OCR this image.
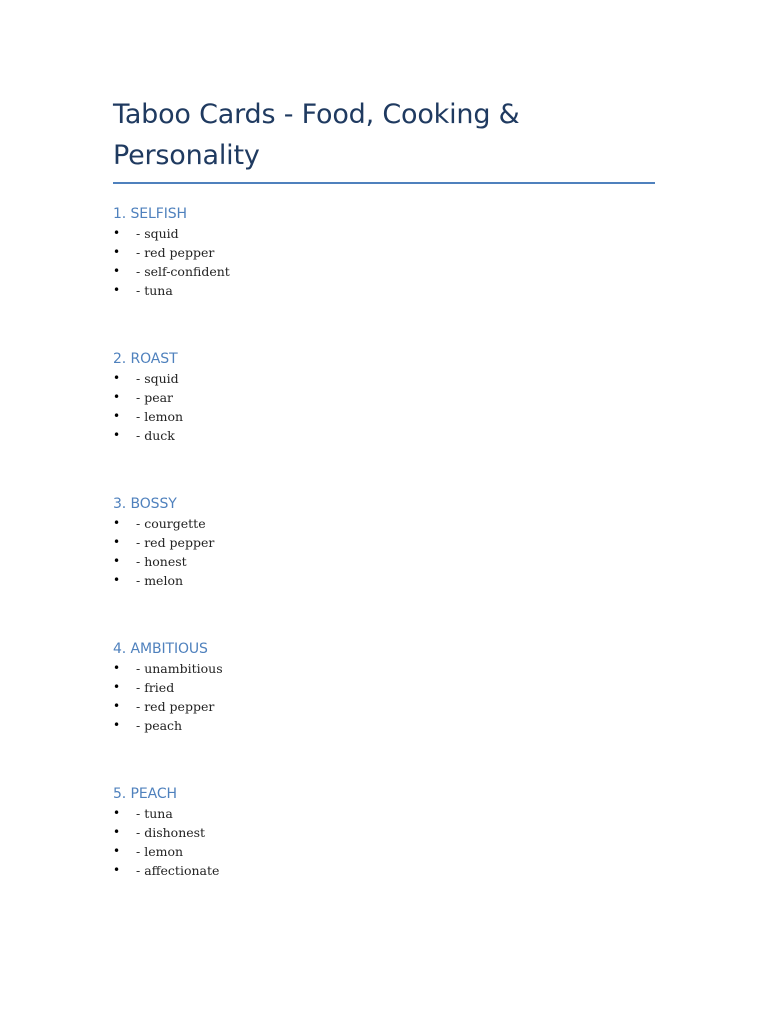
Taboo Cards - Food, Cooking & Personality
1. SELFISH
• - squid
• - red pepper
• - self-confident
• - tuna
2. ROAST
• - squid
• - pear
• - lemon
• - duck
3. BOSSY
• - courgette
• - red pepper
• - honest
• - melon
4. AMBITIOUS
• - unambitious
• - fried
• - red pepper
• - peach
5. PEACH
• - tuna
• - dishonest
• - lemon
• - affectionate
